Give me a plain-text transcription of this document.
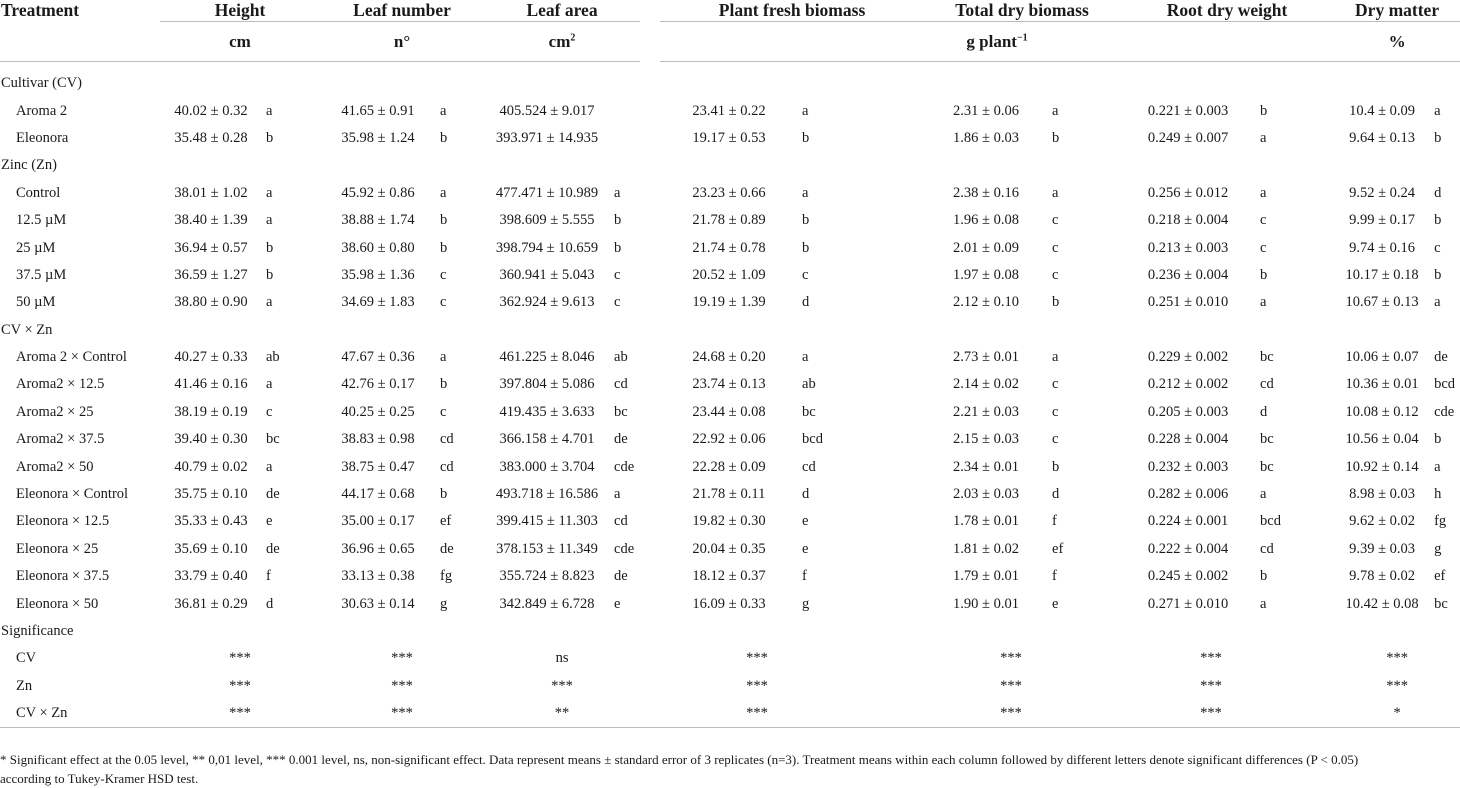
Treatment	Height		Leaf number		Leaf area			Plant fresh biomass			Total dry biomass			Root dry weight			Dry matter	
	cm		n°		$cm^2$			g plant$^{-1}$									%	

Cultivar (CV)																		
Aroma 2	40.02 ± 0.32	a	41.65 ± 0.91	a	405.524 ± 9.017			23.41 ± 0.22	a		2.31 ± 0.06	a		0.221 ± 0.003	b		10.4 ± 0.09	a
Eleonora	35.48 ± 0.28	b	35.98 ± 1.24	b	393.971 ± 14.935			19.17 ± 0.53	b		1.86 ± 0.03	b		0.249 ± 0.007	a		9.64 ± 0.13	b
Zinc (Zn)																		
Control	38.01 ± 1.02	a	45.92 ± 0.86	a	477.471 ± 10.989	a		23.23 ± 0.66	a		2.38 ± 0.16	a		0.256 ± 0.012	a		9.52 ± 0.24	d
12.5 µM	38.40 ± 1.39	a	38.88 ± 1.74	b	398.609 ± 5.555	b		21.78 ± 0.89	b		1.96 ± 0.08	c		0.218 ± 0.004	c		9.99 ± 0.17	b
25 µM	36.94 ± 0.57	b	38.60 ± 0.80	b	398.794 ± 10.659	b		21.74 ± 0.78	b		2.01 ± 0.09	c		0.213 ± 0.003	c		9.74 ± 0.16	c
37.5 µM	36.59 ± 1.27	b	35.98 ± 1.36	c	360.941 ± 5.043	c		20.52 ± 1.09	c		1.97 ± 0.08	c		0.236 ± 0.004	b		10.17 ± 0.18	b
50 µM	38.80 ± 0.90	a	34.69 ± 1.83	c	362.924 ± 9.613	c		19.19 ± 1.39	d		2.12 ± 0.10	b		0.251 ± 0.010	a		10.67 ± 0.13	a
CV × Zn																		
Aroma 2 × Control	40.27 ± 0.33	ab	47.67 ± 0.36	a	461.225 ± 8.046	ab		24.68 ± 0.20	a		2.73 ± 0.01	a		0.229 ± 0.002	bc		10.06 ± 0.07	de
Aroma2 × 12.5	41.46 ± 0.16	a	42.76 ± 0.17	b	397.804 ± 5.086	cd		23.74 ± 0.13	ab		2.14 ± 0.02	c		0.212 ± 0.002	cd		10.36 ± 0.01	bcd
Aroma2 × 25	38.19 ± 0.19	c	40.25 ± 0.25	c	419.435 ± 3.633	bc		23.44 ± 0.08	bc		2.21 ± 0.03	c		0.205 ± 0.003	d		10.08 ± 0.12	cde
Aroma2 × 37.5	39.40 ± 0.30	bc	38.83 ± 0.98	cd	366.158 ± 4.701	de		22.92 ± 0.06	bcd		2.15 ± 0.03	c		0.228 ± 0.004	bc		10.56 ± 0.04	b
Aroma2 × 50	40.79 ± 0.02	a	38.75 ± 0.47	cd	383.000 ± 3.704	cde		22.28 ± 0.09	cd		2.34 ± 0.01	b		0.232 ± 0.003	bc		10.92 ± 0.14	a
Eleonora × Control	35.75 ± 0.10	de	44.17 ± 0.68	b	493.718 ± 16.586	a		21.78 ± 0.11	d		2.03 ± 0.03	d		0.282 ± 0.006	a		8.98 ± 0.03	h
Eleonora × 12.5	35.33 ± 0.43	e	35.00 ± 0.17	ef	399.415 ± 11.303	cd		19.82 ± 0.30	e		1.78 ± 0.01	f		0.224 ± 0.001	bcd		9.62 ± 0.02	fg
Eleonora × 25	35.69 ± 0.10	de	36.96 ± 0.65	de	378.153 ± 11.349	cde		20.04 ± 0.35	e		1.81 ± 0.02	ef		0.222 ± 0.004	cd		9.39 ± 0.03	g
Eleonora × 37.5	33.79 ± 0.40	f	33.13 ± 0.38	fg	355.724 ± 8.823	de		18.12 ± 0.37	f		1.79 ± 0.01	f		0.245 ± 0.002	b		9.78 ± 0.02	ef
Eleonora × 50	36.81 ± 0.29	d	30.63 ± 0.14	g	342.849 ± 6.728	e		16.09 ± 0.33	g		1.90 ± 0.01	e		0.271 ± 0.010	a		10.42 ± 0.08	bc
Significance																		
CV	***		***		ns			***			***			***			***	
Zn	***		***		***			***			***			***			***	
CV × Zn	***		***		**			***			***			***			*	
* Significant effect at the 0.05 level, ** 0,01 level, *** 0.001 level, ns, non-significant effect. Data represent means ± standard error of 3 replicates (n=3). Treatment means within each column followed by different letters denote significant differences (P < 0.05)
according to Tukey-Kramer HSD test.
